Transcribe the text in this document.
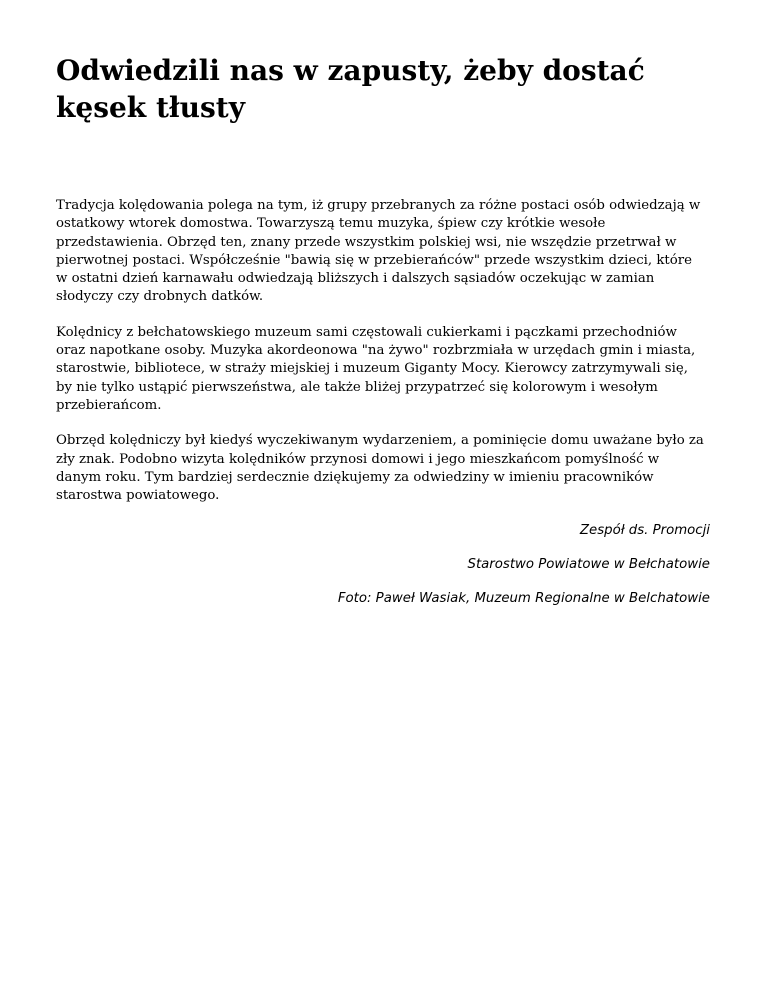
Odwiedzili nas w zapusty, żeby dostać kęsek tłusty

Tradycja kolędowania polega na tym, iż grupy przebranych za różne postaci osób odwiedzają w ostatkowy wtorek domostwa. Towarzyszą temu muzyka, śpiew czy krótkie wesołe przedstawienia. Obrzęd ten, znany przede wszystkim polskiej wsi, nie wszędzie przetrwał w pierwotnej postaci. Współcześnie "bawią się w przebierańców" przede wszystkim dzieci, które w ostatni dzień karnawału odwiedzają bliższych i dalszych sąsiadów oczekując w zamian słodyczy czy drobnych datków.

Kolędnicy z bełchatowskiego muzeum sami częstowali cukierkami i pączkami przechodniów oraz napotkane osoby. Muzyka akordeonowa "na żywo" rozbrzmiała w urzędach gmin i miasta, starostwie, bibliotece, w straży miejskiej i muzeum Giganty Mocy. Kierowcy zatrzymywali się, by nie tylko ustąpić pierwszeństwa, ale także bliżej przypatrzeć się kolorowym i wesołym przebierańcom.

Obrzęd kolędniczy był kiedyś wyczekiwanym wydarzeniem, a pominięcie domu uważane było za zły znak. Podobno wizyta kolędników przynosi domowi i jego mieszkańcom pomyślność w danym roku. Tym bardziej serdecznie dziękujemy za odwiedziny w imieniu pracowników starostwa powiatowego.

Zespół ds. Promocji
Starostwo Powiatowe w Bełchatowie
Foto: Paweł Wasiak, Muzeum Regionalne w Belchatowie
